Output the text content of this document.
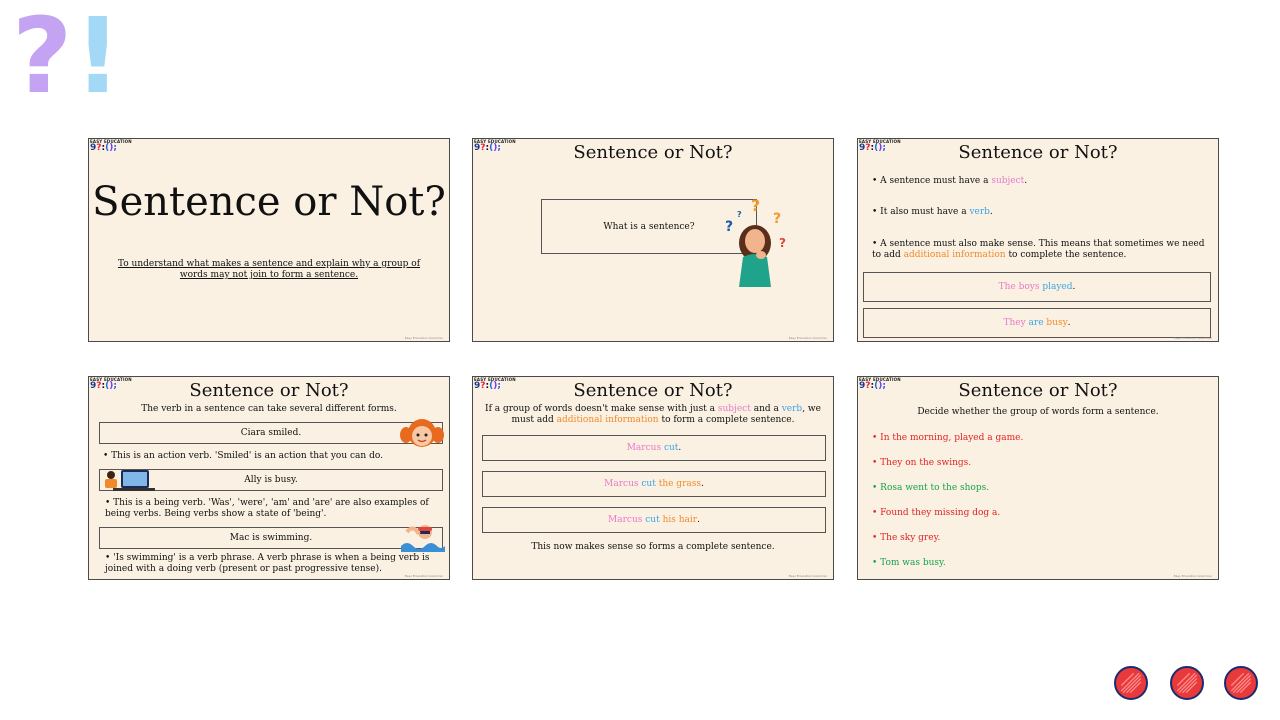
? !
EASY EDUCATION
9?:();
Sentence or Not?
To understand what makes a sentence and explain why a group of words may not join to form a sentence.
Easy Education Grammar
EASY EDUCATION
9?:();	Sentence or Not?
What is a sentence?	?
?
?
?
?
Easy Education Grammar
EASY EDUCATION
9?:();	Sentence or Not?
• A sentence must have a subject.
• It also must have a verb.
• A sentence must also make sense. This means that sometimes we need to add additional information to complete the sentence.
The boys
played .
They
are
busy .
Easy Education Grammar
EASY EDUCATION
9?:();	Sentence or Not?
The verb in a sentence can take several different forms.
Ciara smiled.
• This is an action verb. 'Smiled' is an action that you can do.
Ally is busy.
• This is a being verb. 'Was', 'were', 'am' and 'are' are also examples of being verbs. Being verbs show a state of 'being'.
Mac is swimming.
• 'Is swimming' is a verb phrase. A verb phrase is when a being verb is joined with a doing verb (present or past progressive tense).
Easy Education Grammar
EASY EDUCATION
9?:();	Sentence or Not?
If a group of words doesn't make sense with just a subject and a verb, we must add additional information to form a complete sentence.
Marcus
cut .
Marcus
cut
the grass .
Marcus
cut
his hair .
This now makes sense so forms a complete sentence.
Easy Education Grammar
EASY EDUCATION
9?:();	Sentence or Not?
Decide whether the group of words form a sentence.
• In the morning, played a game.
• They on the swings.
• Rosa went to the shops.
• Found they missing dog a.
• The sky grey.
• Tom was busy.
Easy Education Grammar
